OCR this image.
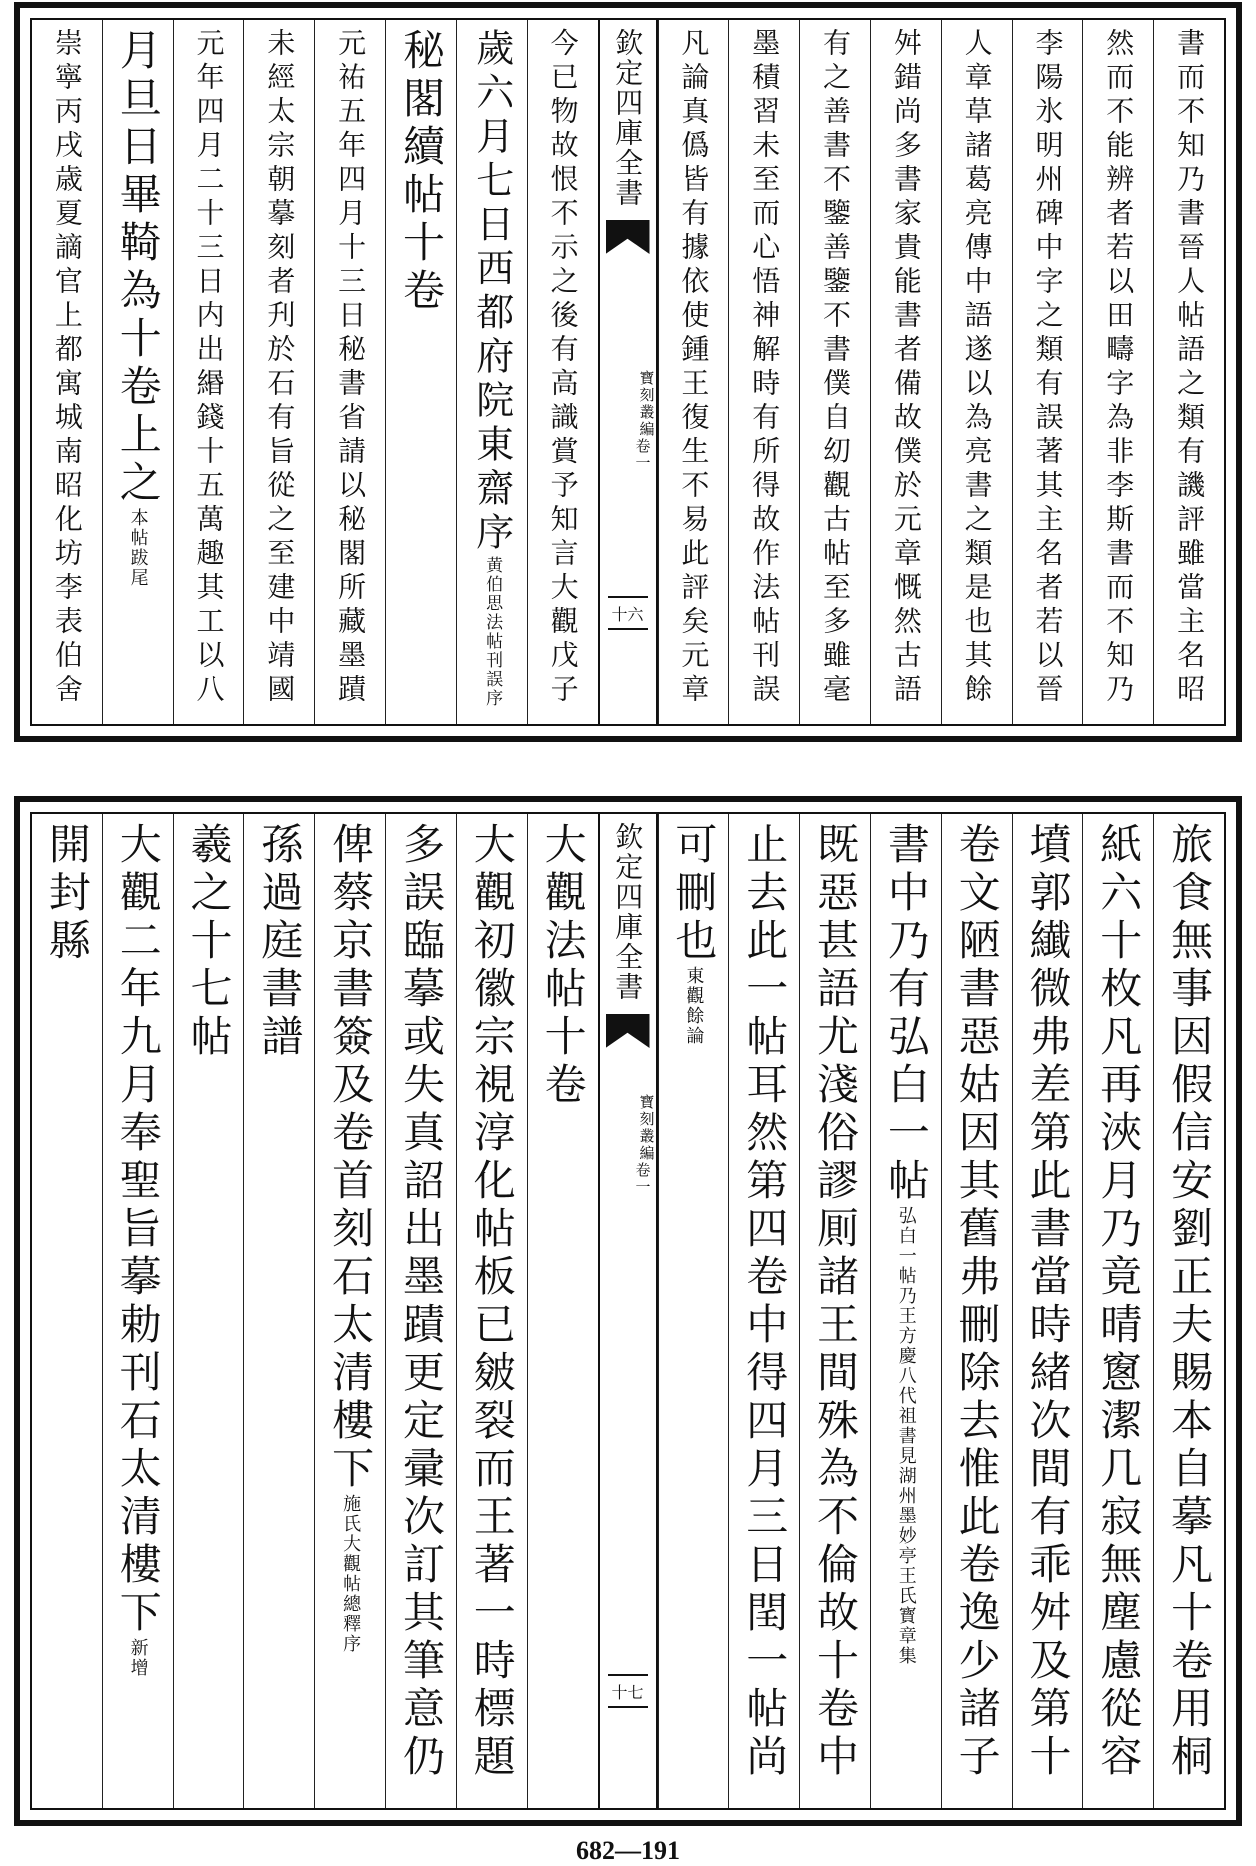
書而不知乃書晉人帖語之類有譏評雖當主名昭
然而不能辨者若以田疇字為非李斯書而不知乃
李陽氷明州碑中字之類有誤著其主名者若以晉
人章草諸葛亮傳中語遂以為亮書之類是也其餘
舛錯尚多書家貴能書者備故僕於元章慨然古語
有之善書不鑒善鑒不書僕自㓜觀古帖至多雖毫
墨積習未至而心悟神解時有所得故作法帖刊誤
凡論真僞皆有據依使鍾王復生不易此評矣元章
欽定四庫全書
寶刻叢編
卷一
十六
今已物故恨不示之後有高識賞予知言大觀戊子
歲六月七日西都府院東齋序
黄伯思法帖刊誤序
秘閣續帖十卷
元祐五年四月十三日秘書省請以秘閣所藏墨蹟
未經太宗朝摹刻者刋於石有旨從之至建中靖國
元年四月二十三日内出緡錢十五萬趣其工以八
月旦日畢䩭為十卷上之
本帖跋尾
崇寧丙戌歳夏謫官上都寓城南昭化坊李表伯舍
旅食無事因假信安劉正夫賜本自摹凡十卷用桐
紙六十枚凡再浹月乃竟晴窻潔几寂無塵慮從容
墳郭纎微弗差第此書當時緒次間有乖舛及第十
卷文陋書惡姑因其舊弗刪除去惟此卷逸少諸子
書中乃有弘白一帖
弘白一帖乃王方慶八代祖書見湖州墨妙亭王氏寳章集
既惡甚語尤淺俗謬厠諸王間殊為不倫故十卷中
止去此一帖耳然第四卷中得四月三日𨳝一帖尚
可刪也
東觀餘論
欽定四庫全書
寶刻叢編
卷一
十七
大觀法帖十卷
大觀初徽宗視淳化帖板已皴裂而王著一時標題
多誤臨摹或失真詔出墨蹟更定彚次訂其筆意仍
俾蔡京書簽及卷首刻石太清樓下
施氏大觀帖總釋序
孫過庭書譜
羲之十七帖
大觀二年九月奉聖旨摹勅刊石太清樓下
新增
開封縣
682—191
